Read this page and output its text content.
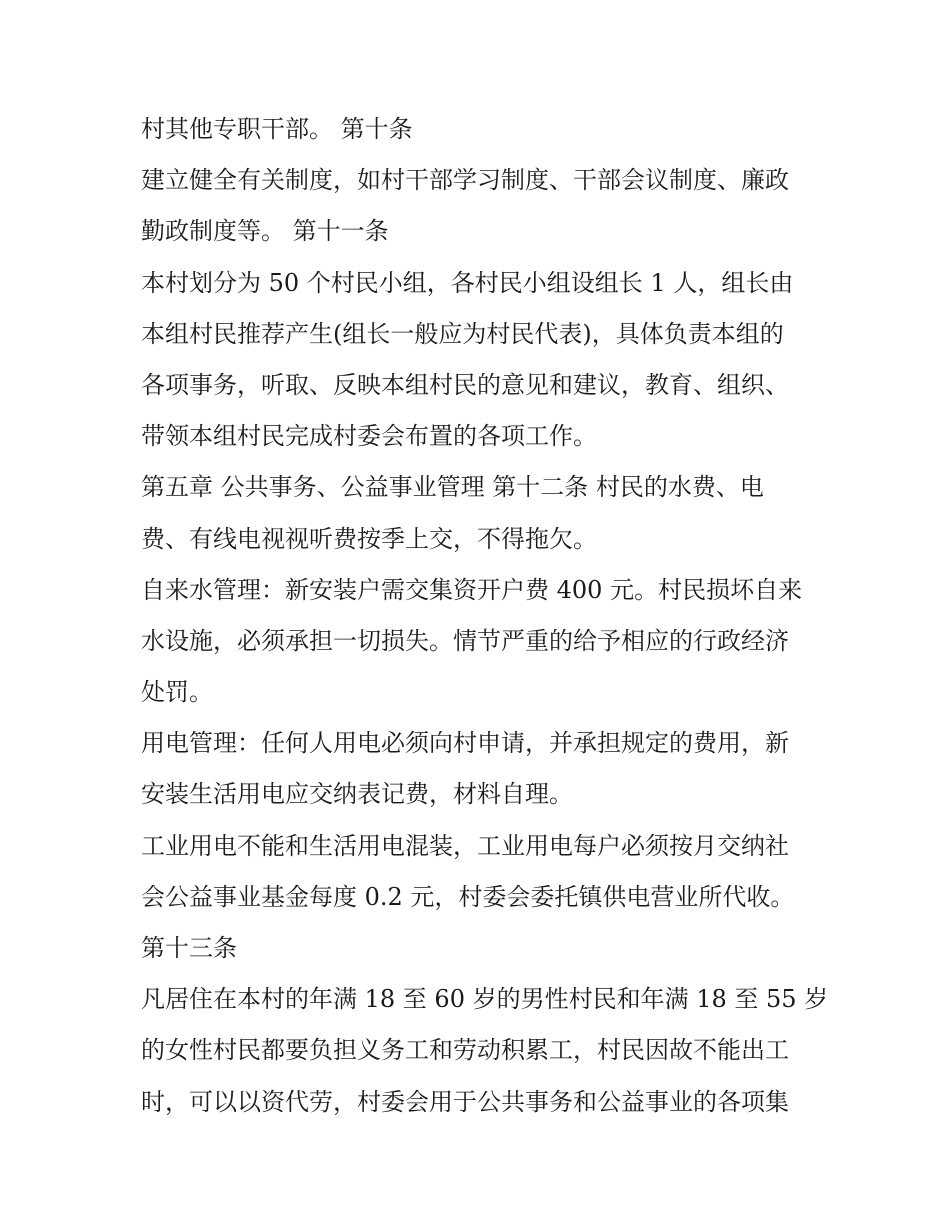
村其他专职干部。 第十条
建立健全有关制度，如村干部学习制度、干部会议制度、廉政
勤政制度等。 第十一条
本村划分为 50 个村民小组，各村民小组设组长 1 人，组长由
本组村民推荐产生(组长一般应为村民代表)，具体负责本组的
各项事务，听取、反映本组村民的意见和建议，教育、组织、
带领本组村民完成村委会布置的各项工作。
第五章 公共事务、公益事业管理 第十二条 村民的水费、电
费、有线电视视听费按季上交，不得拖欠。
自来水管理：新安装户需交集资开户费 400 元。村民损坏自来
水设施，必须承担一切损失。情节严重的给予相应的行政经济
处罚。
用电管理：任何人用电必须向村申请，并承担规定的费用，新
安装生活用电应交纳表记费，材料自理。
工业用电不能和生活用电混装，工业用电每户必须按月交纳社
会公益事业基金每度 0.2 元，村委会委托镇供电营业所代收。
第十三条
凡居住在本村的年满 18 至 60 岁的男性村民和年满 18 至 55 岁
的女性村民都要负担义务工和劳动积累工，村民因故不能出工
时，可以以资代劳，村委会用于公共事务和公益事业的各项集
